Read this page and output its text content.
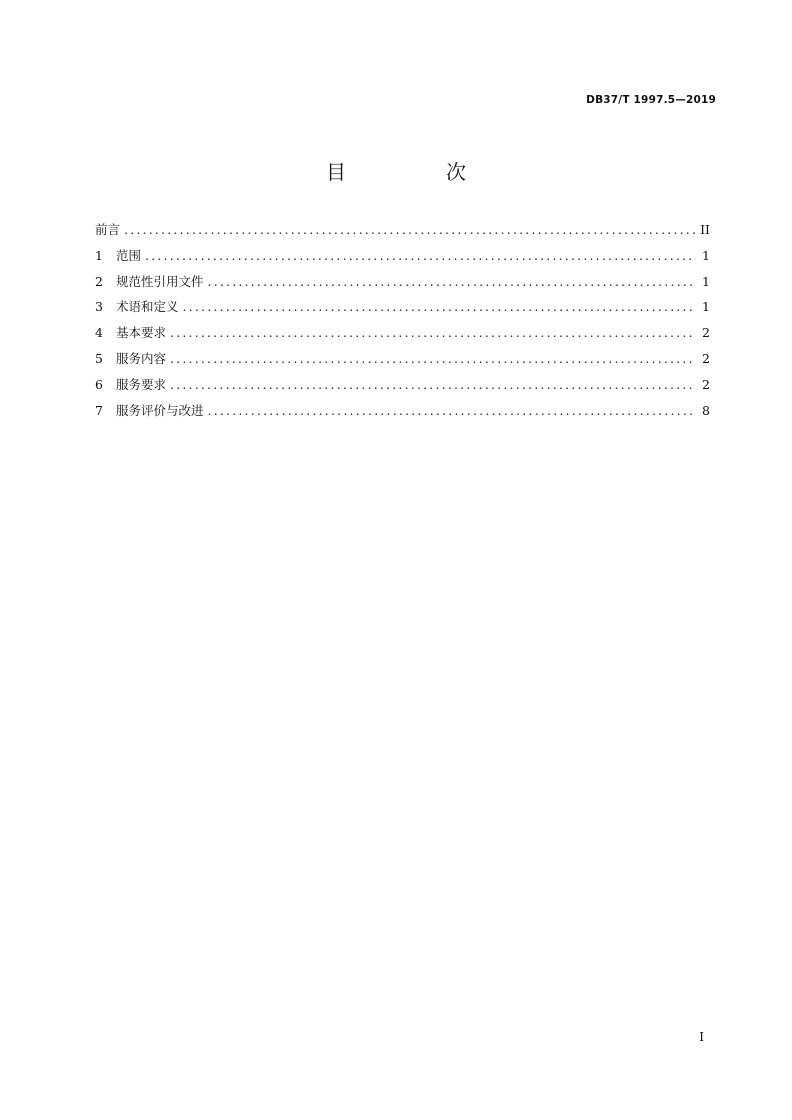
DB37/T 1997.5—2019
目　次
前言 .....	II
1	范围 .....	1
2	规范性引用文件 .....	1
3	术语和定义 .....	1
4	基本要求 .....	2
5	服务内容 .....	2
6	服务要求 .....	2
7	服务评价与改进 .....	8
I
